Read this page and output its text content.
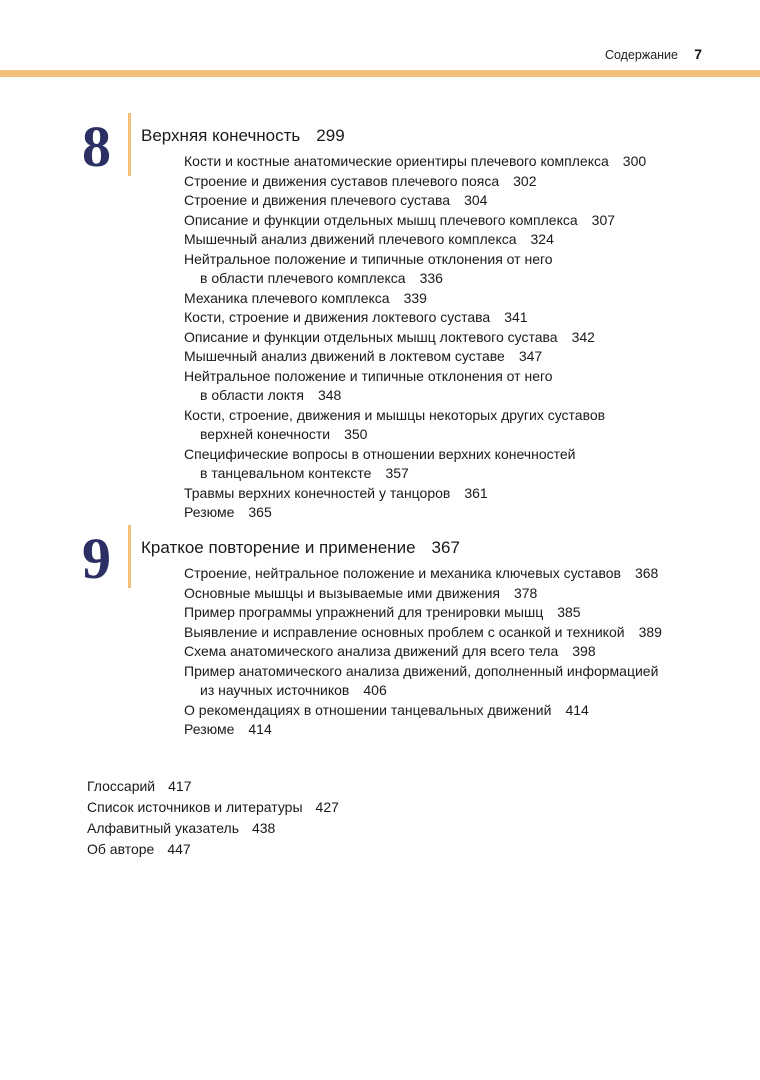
Содержание 7
8	Верхняя конечность 299
Кости и костные анатомические ориентиры плечевого комплекса 300
Строение и движения суставов плечевого пояса 302
Строение и движения плечевого сустава 304
Описание и функции отдельных мышц плечевого комплекса 307
Мышечный анализ движений плечевого комплекса 324
Нейтральное положение и типичные отклонения от него
в области плечевого комплекса 336
Механика плечевого комплекса 339
Кости, строение и движения локтевого сустава 341
Описание и функции отдельных мышц локтевого сустава 342
Мышечный анализ движений в локтевом суставе 347
Нейтральное положение и типичные отклонения от него
в области локтя 348
Кости, строение, движения и мышцы некоторых других суставов
верхней конечности 350
Специфические вопросы в отношении верхних конечностей
в танцевальном контексте 357
Травмы верхних конечностей у танцоров 361
Резюме 365
9	Краткое повторение и применение 367
Строение, нейтральное положение и механика ключевых суставов 368
Основные мышцы и вызываемые ими движения 378
Пример программы упражнений для тренировки мышц 385
Выявление и исправление основных проблем с осанкой и техникой 389
Схема анатомического анализа движений для всего тела 398
Пример анатомического анализа движений, дополненный информацией
из научных источников 406
О рекомендациях в отношении танцевальных движений 414
Резюме 414
Глоссарий 417
Список источников и литературы 427
Алфавитный указатель 438
Об авторе 447
